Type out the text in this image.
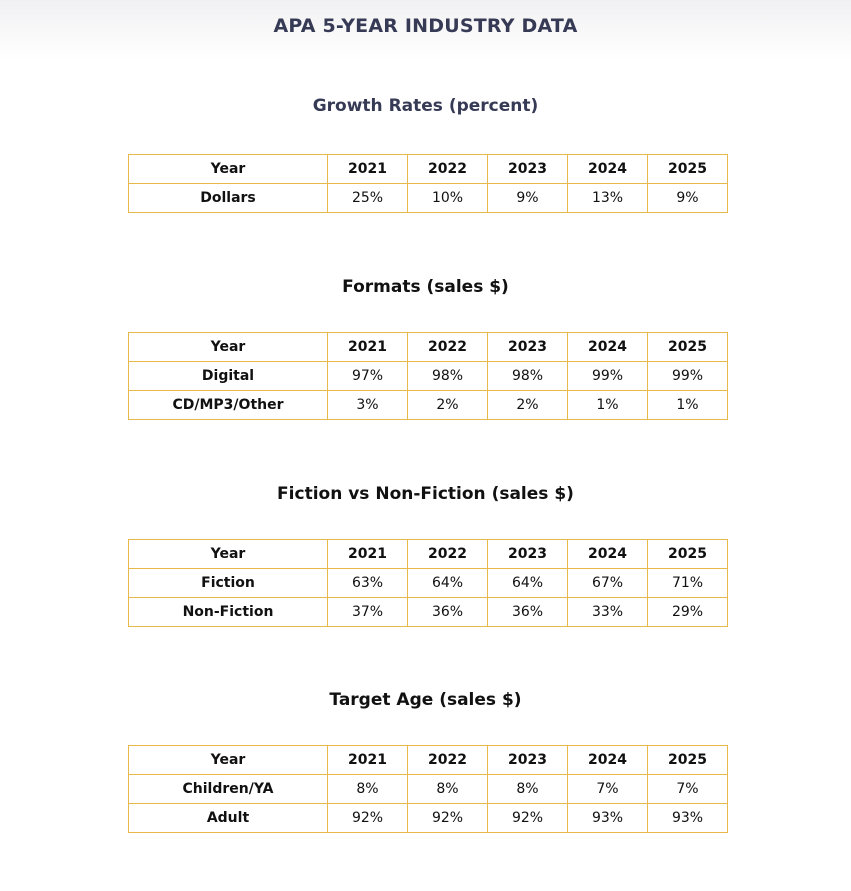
APA 5-YEAR INDUSTRY DATA
Growth Rates (percent)
Year	2021	2022	2023	2024	2025
Dollars	25%	10%	9%	13%	9%
Formats (sales $)
Year	2021	2022	2023	2024	2025
Digital	97%	98%	98%	99%	99%
CD/MP3/Other	3%	2%	2%	1%	1%
Fiction vs Non-Fiction (sales $)
Year	2021	2022	2023	2024	2025
Fiction	63%	64%	64%	67%	71%
Non-Fiction	37%	36%	36%	33%	29%
Target Age (sales $)
Year	2021	2022	2023	2024	2025
Children/YA	8%	8%	8%	7%	7%
Adult	92%	92%	92%	93%	93%
